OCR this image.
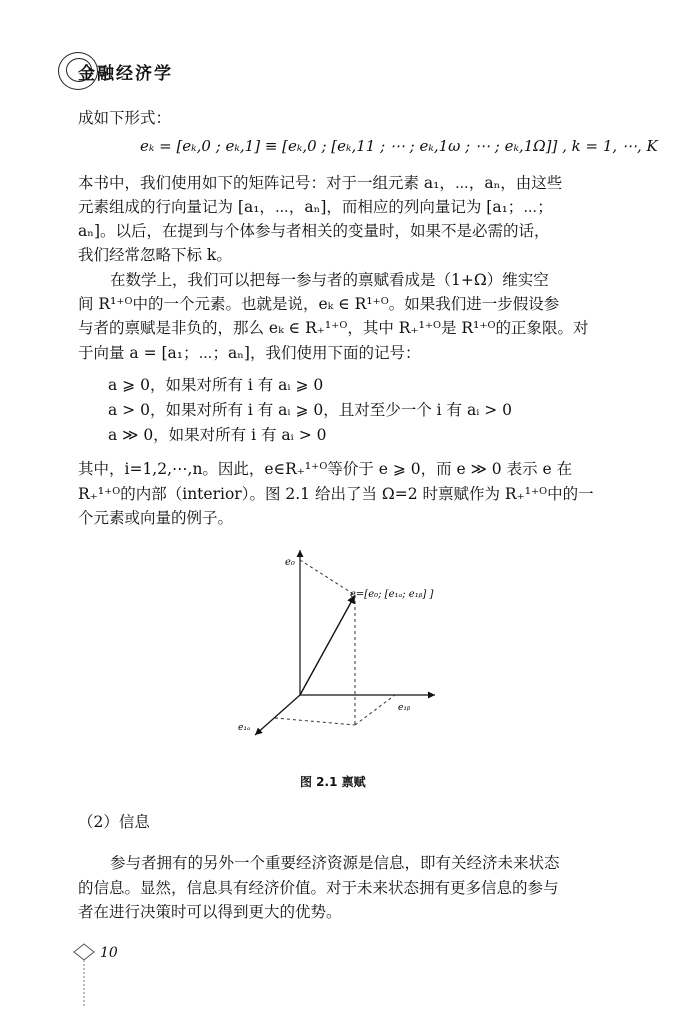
金融经济学
成如下形式：
eₖ = [eₖ,0 ; eₖ,1] ≡ [eₖ,0 ; [eₖ,11 ; ⋯ ; eₖ,1ω ; ⋯ ; eₖ,1Ω]] , k = 1, ⋯, K
本书中，我们使用如下的矩阵记号：对于一组元素 a₁，⋯，aₙ，由这些
元素组成的行向量记为 [a₁，⋯，aₙ]，而相应的列向量记为 [a₁；⋯；
aₙ]。以后，在提到与个体参与者相关的变量时，如果不是必需的话，
我们经常忽略下标 k。
在数学上，我们可以把每一参与者的禀赋看成是（1+Ω）维实空
间 R¹⁺ᴼ中的一个元素。也就是说，eₖ ∈ R¹⁺ᴼ。如果我们进一步假设参
与者的禀赋是非负的，那么 eₖ ∈ R₊¹⁺ᴼ，其中 R₊¹⁺ᴼ是 R¹⁺ᴼ的正象限。对
于向量 a = [a₁；⋯；aₙ]，我们使用下面的记号：
a ⩾ 0，如果对所有 i 有 aᵢ ⩾ 0
a > 0，如果对所有 i 有 aᵢ ⩾ 0，且对至少一个 i 有 aᵢ > 0
a ≫ 0，如果对所有 i 有 aᵢ > 0
其中，i=1,2,⋯,n。因此，e∈R₊¹⁺ᴼ等价于 e ⩾ 0，而 e ≫ 0 表示 e 在
R₊¹⁺ᴼ的内部（interior）。图 2.1 给出了当 Ω=2 时禀赋作为 R₊¹⁺ᴼ中的一
个元素或向量的例子。
e₀
e=[e₀; [e₁ₐ; e₁ᵦ] ]
e₁ᵦ
e₁ₐ
图 2.1 禀赋
（2）信息
参与者拥有的另外一个重要经济资源是信息，即有关经济未来状态
的信息。显然，信息具有经济价值。对于未来状态拥有更多信息的参与
者在进行决策时可以得到更大的优势。
10
